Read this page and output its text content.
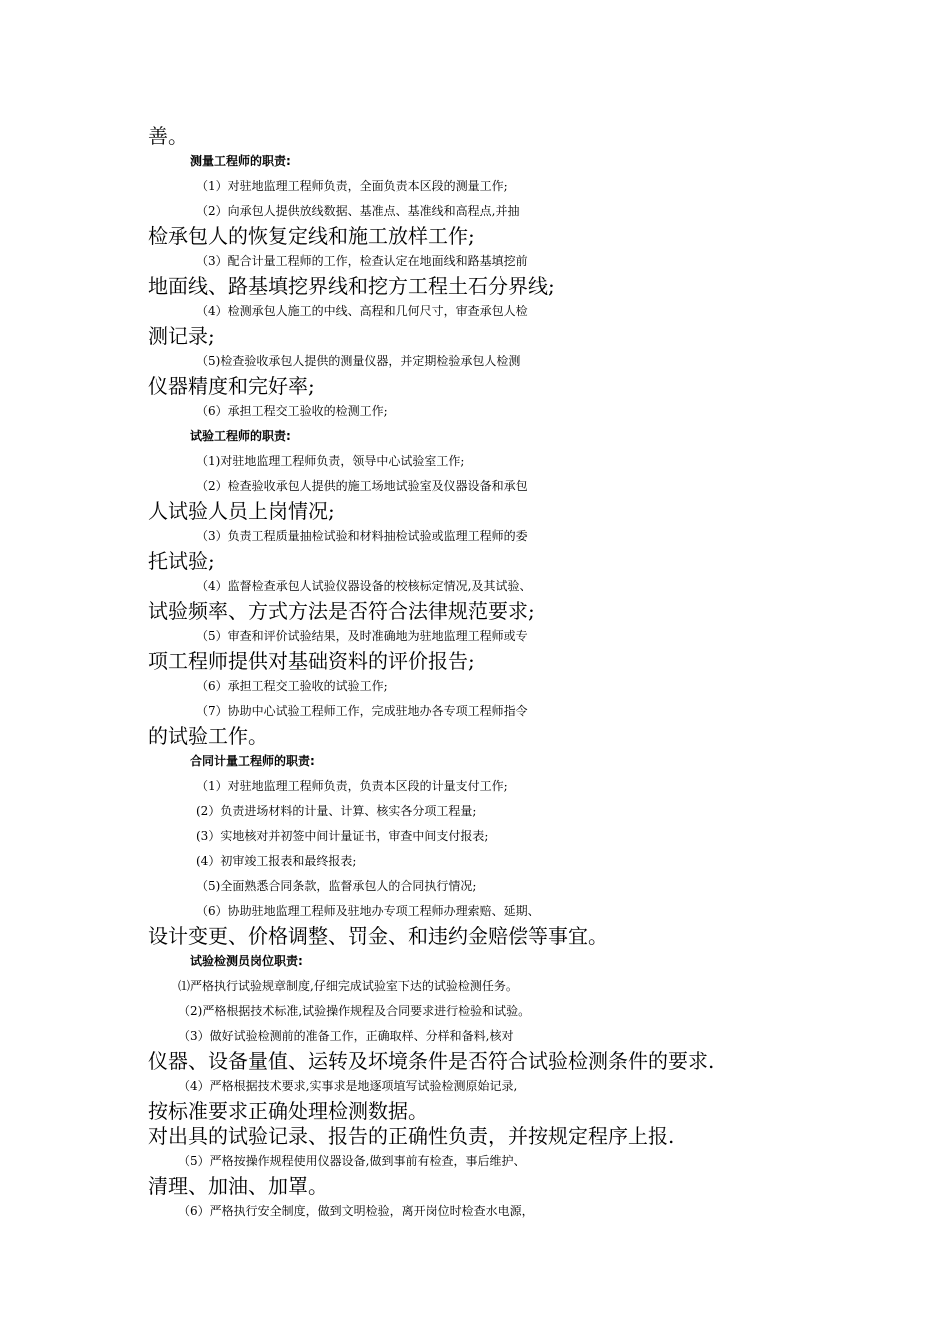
善。
测量工程师的职责:
（1）对驻地监理工程师负责，全面负责本区段的测量工作;
（2）向承包人提供放线数据、基准点、基准线和高程点,并抽
检承包人的恢复定线和施工放样工作;
（3）配合计量工程师的工作，检查认定在地面线和路基填挖前
地面线、路基填挖界线和挖方工程土石分界线;
（4）检测承包人施工的中线、高程和几何尺寸，审查承包人检
测记录;
（5)检查验收承包人提供的测量仪器，并定期检验承包人检测
仪器精度和完好率;
（6）承担工程交工验收的检测工作;
试验工程师的职责:
（1)对驻地监理工程师负责，领导中心试验室工作;
（2）检查验收承包人提供的施工场地试验室及仪器设备和承包
人试验人员上岗情况;
（3）负责工程质量抽检试验和材料抽检试验或监理工程师的委
托试验;
（4）监督检查承包人试验仪器设备的校核标定情况,及其试验、
试验频率、方式方法是否符合法律规范要求;
（5）审查和评价试验结果，及时准确地为驻地监理工程师或专
项工程师提供对基础资料的评价报告;
（6）承担工程交工验收的试验工作;
（7）协助中心试验工程师工作，完成驻地办各专项工程师指令
的试验工作。
合同计量工程师的职责:
（1）对驻地监理工程师负责，负责本区段的计量支付工作;
(2）负责进场材料的计量、计算、核实各分项工程量;
(3）实地核对并初签中间计量证书，审查中间支付报表;
(4）初审竣工报表和最终报表;
（5)全面熟悉合同条款，监督承包人的合同执行情况;
（6）协助驻地监理工程师及驻地办专项工程师办理索赔、延期、
设计变更、价格调整、罚金、和违约金赔偿等事宜。
试验检测员岗位职责:
⑴严格执行试验规章制度,仔细完成试验室下达的试验检测任务。
（2)严格根据技术标准,试验操作规程及合同要求进行检验和试验。
（3）做好试验检测前的准备工作，正确取样、分样和备料,核对
仪器、设备量值、运转及坏境条件是否符合试验检测条件的要求.
（4）严格根据技术要求,实事求是地逐项埴写试验检测原始记录,
按标准要求正确处理检测数据。
对出具的试验记录、报告的正确性负责，并按规定程序上报.
（5）严格按操作规程使用仪器设备,做到事前有检查，事后维护、
清理、加油、加罩。
（6）严格执行安全制度，做到文明检验，离开岗位时检查水电源，
